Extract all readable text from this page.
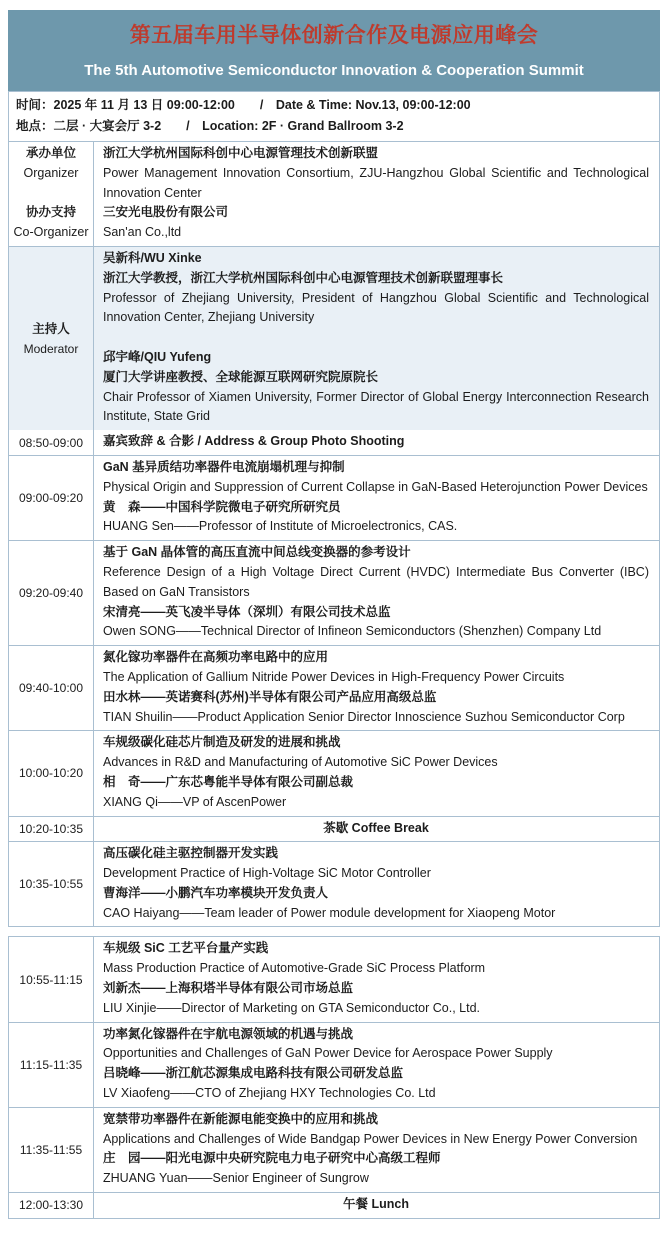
第五届车用半导体创新合作及电源应用峰会
The 5th Automotive Semiconductor Innovation & Cooperation Summit
时间：2025 年 11 月 13 日 09:00-12:00　　/　Date & Time: Nov.13, 09:00-12:00
地点：二层 · 大宴会厅 3-2　　/　Location: 2F · Grand Ballroom 3-2
承办单位
Organizer
协办支持
Co-Organizer
浙江大学杭州国际科创中心电源管理技术创新联盟
Power Management Innovation Consortium, ZJU-Hangzhou Global Scientific and Technological Innovation Center
三安光电股份有限公司
San'an Co.,ltd
主持人
Moderator
吴新科/WU Xinke
浙江大学教授，浙江大学杭州国际科创中心电源管理技术创新联盟理事长
Professor of Zhejiang University, President of Hangzhou Global Scientific and Technological Innovation Center, Zhejiang University
邱宇峰/QIU Yufeng
厦门大学讲座教授、全球能源互联网研究院原院长
Chair Professor of Xiamen University, Former Director of Global Energy Interconnection Research Institute, State Grid
08:50-09:00 嘉宾致辞 & 合影 / Address & Group Photo Shooting
09:00-09:20
GaN 基异质结功率器件电流崩塌机理与抑制
Physical Origin and Suppression of Current Collapse in GaN-Based Heterojunction Power Devices
黄　森——中国科学院微电子研究所研究员
HUANG Sen——Professor of Institute of Microelectronics, CAS.
09:20-09:40
基于 GaN 晶体管的高压直流中间总线变换器的参考设计
Reference Design of a High Voltage Direct Current (HVDC) Intermediate Bus Converter (IBC) Based on GaN Transistors
宋清亮——英飞凌半导体（深圳）有限公司技术总监
Owen SONG——Technical Director of Infineon Semiconductors (Shenzhen) Company Ltd
09:40-10:00
氮化镓功率器件在高频功率电路中的应用
The Application of Gallium Nitride Power Devices in High-Frequency Power Circuits
田水林——英诺赛科(苏州)半导体有限公司产品应用高级总监
TIAN Shuilin——Product Application Senior Director Innoscience Suzhou Semiconductor Corp
10:00-10:20
车规级碳化硅芯片制造及研发的进展和挑战
Advances in R&D and Manufacturing of Automotive SiC Power Devices
相　奇——广东芯粤能半导体有限公司副总裁
XIANG Qi——VP of AscenPower
10:20-10:35	茶歇 Coffee Break
10:35-10:55
高压碳化硅主驱控制器开发实践
Development Practice of High-Voltage SiC Motor Controller
曹海洋——小鹏汽车功率模块开发负责人
CAO Haiyang——Team leader of Power module development for Xiaopeng Motor
10:55-11:15
车规级 SiC 工艺平台量产实践
Mass Production Practice of Automotive-Grade SiC Process Platform
刘新杰——上海积塔半导体有限公司市场总监
LIU Xinjie——Director of Marketing on GTA Semiconductor Co., Ltd.
11:15-11:35
功率氮化镓器件在宇航电源领域的机遇与挑战
Opportunities and Challenges of GaN Power Device for Aerospace Power Supply
吕晓峰——浙江航芯源集成电路科技有限公司研发总监
LV Xiaofeng——CTO of Zhejiang HXY Technologies Co. Ltd
11:35-11:55
宽禁带功率器件在新能源电能变换中的应用和挑战
Applications and Challenges of Wide Bandgap Power Devices in New Energy Power Conversion
庄　园——阳光电源中央研究院电力电子研究中心高级工程师
ZHUANG Yuan——Senior Engineer of Sungrow
12:00-13:30	午餐 Lunch
